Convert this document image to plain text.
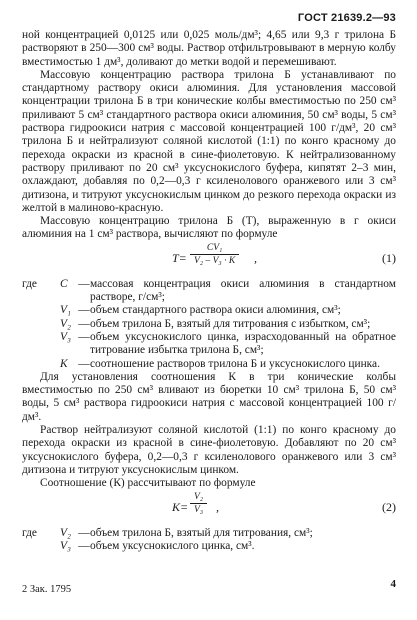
ГОСТ 21639.2—93

ной концентрацией 0,0125 или 0,025 моль/дм³; 4,65 или 9,3 г трилона Б растворяют в 250—300 см³ воды. Раствор отфильтровывают в мерную колбу вместимостью 1 дм³, доливают до метки водой и перемешивают.

Массовую концентрацию раствора трилона Б устанавливают по стандартному раствору окиси алюминия. Для установления массовой концентрации трилона Б в три конические колбы вместимостью по 250 см³ приливают 5 см³ стандартного раствора окиси алюминия, 50 см³ воды, 5 см³ раствора гидроокиси натрия с массовой концентрацией 100 г/дм³, 20 см³ трилона Б и нейтрализуют соляной кислотой (1:1) по конго красному до перехода окраски из красной в сине-фиолетовую. К нейтрализованному раствору приливают по 20 см³ уксуснокислого буфера, кипятят 2–3 мин, охлаждают, добавляя по 0,2—0,3 г ксиленолового оранжевого или 3 см³ дитизона, и титруют уксуснокислым цинком до резкого перехода окраски из желтой в малиново-красную.

Массовую концентрацию трилона Б (Т), выраженную в г окиси алюминия на 1 см³ раствора, вычисляют по формуле

$T= \frac{\text{CV₁}}{\text{V₂ – V₃ · K}}$ ,	(1)
где C — массовая концентрация окиси алюминия в стандартном растворе, г/см³;
V₁ — объем стандартного раствора окиси алюминия, см³;
V₂ — объем трилона Б, взятый для титрования с избытком, см³;
V₃ — объем уксуснокислого цинка, израсходованный на обратное титрование избытка трилона Б, см³;
K — соотношение растворов трилона Б и уксуснокислого цинка.

Для установления соотношения К в три конические колбы вместимостью по 250 см³ вливают из бюретки 10 см³ трилона Б, 50 см³ воды, 5 см³ раствора гидроокиси натрия с массовой концентрацией 100 г/дм³.

Раствор нейтрализуют соляной кислотой (1:1) по конго красному до перехода окраски из красной в сине-фиолетовую. Добавляют по 20 см³ уксуснокислого буфера, 0,2—0,3 г ксиленолового оранжевого или 3 см³ дитизона и титруют уксуснокислым цинком.

Соотношение (К) рассчитывают по формуле

$K= \frac{\text{V₂}}{\text{V₃}}$ ,	(2)
где V₂ — объем трилона Б, взятый для титрования, см³;
V₃ — объем уксуснокислого цинка, см³.
2 Зак. 1795	4
